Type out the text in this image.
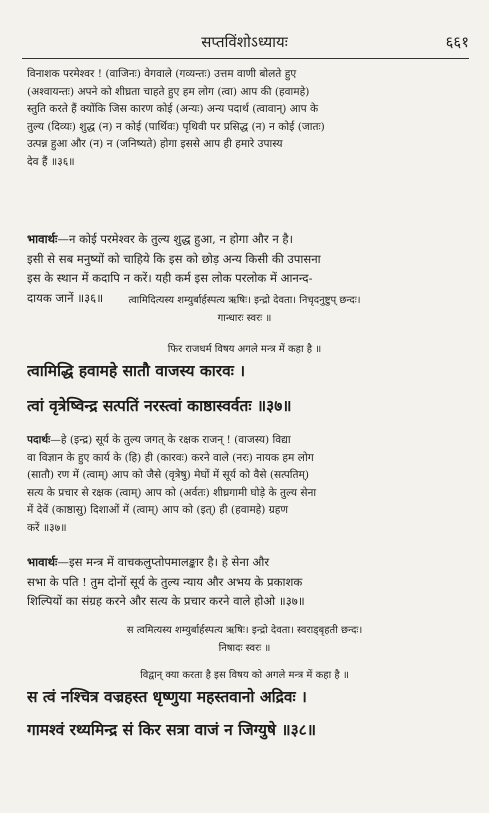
सप्तविंशोऽध्यायः	६६१

विनाशक परमेश्वर ! (वाजिनः) वेगवाले (गव्यन्तः) उत्तम वाणी बोलते हुए

(अश्वायन्तः) अपने को शीघ्रता चाहते हुए हम लोग (त्वा) आप की (हवामहे)

स्तुति करते हैं क्योंकि जिस कारण कोई (अन्यः) अन्य पदार्थ (त्वावान्) आप के

तुल्य (दिव्यः) शुद्ध (न) न कोई (पार्थिवः) पृथिवी पर प्रसिद्ध (न) न कोई (जातः)

उत्पन्न हुआ और (न) न (जनिष्यते) होगा इससे आप ही हमारे उपास्य

देव हैं ॥३६॥

भावार्थः—न कोई परमेश्वर के तुल्य शुद्ध हुआ, न होगा और न है।

इसी से सब मनुष्यों को चाहिये कि इस को छोड़ अन्य किसी की उपासना

इस के स्थान में कदापि न करें। यही कर्म इस लोक परलोक में आनन्द-

दायक जानें ॥३६॥	त्वामिदित्यस्य शम्युर्बार्हस्पत्य ऋषिः। इन्द्रो देवता। निचृदनुष्टुप् छन्दः।
गान्धारः स्वरः ॥
फिर राजधर्म विषय अगले मन्त्र में कहा है ॥
त्वामिद्धि हवामहे सातौ वाजस्य कारवः ।
त्वां वृत्रेष्विन्द्र सत्पतिं नरस्त्वां काष्ठास्वर्वतः ॥३७॥

पदार्थः—हे (इन्द्र) सूर्य के तुल्य जगत् के रक्षक राजन् ! (वाजस्य) विद्या

वा विज्ञान के हुए कार्य के (हि) ही (कारवः) करने वाले (नरः) नायक हम लोग

(सातौ) रण में (त्वाम्) आप को जैसे (वृत्रेषु) मेघों में सूर्य को वैसे (सत्पतिम्)

सत्य के प्रचार से रक्षक (त्वाम्) आप को (अर्वतः) शीघ्रगामी घोड़े के तुल्य सेना

में देवें (काष्ठासु) दिशाओं में (त्वाम्) आप को (इत्) ही (हवामहे) ग्रहण

करें ॥३७॥

भावार्थः—इस मन्त्र में वाचकलुप्तोपमालङ्कार है। हे सेना और

सभा के पति ! तुम दोनों सूर्य के तुल्य न्याय और अभय के प्रकाशक

शिल्पियों का संग्रह करने और सत्य के प्रचार करने वाले होओ ॥३७॥

स त्वमित्यस्य शम्युर्बार्हस्पत्य ऋषिः। इन्द्रो देवता। स्वराड्बृहती छन्दः।
निषादः स्वरः ॥
विद्वान् क्या करता है इस विषय को अगले मन्त्र में कहा है ॥
स त्वं नश्चित्र वज्रहस्त धृष्णुया महस्तवानो अद्रिवः ।
गामश्वं रथ्यमिन्द्र सं किर सत्रा वाजं न जिग्युषे ॥३८॥
